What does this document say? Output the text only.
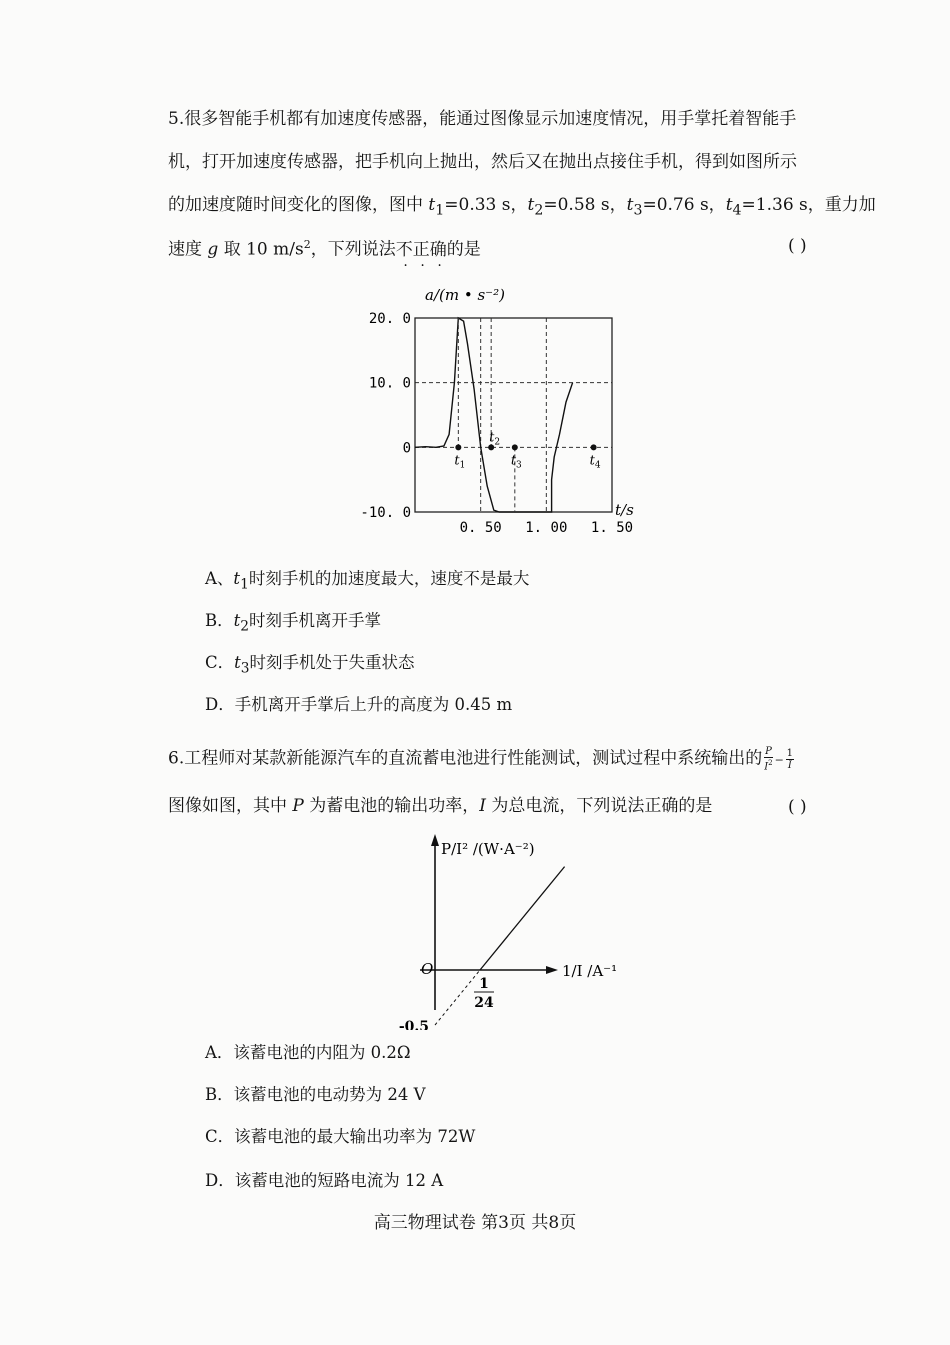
5.很多智能手机都有加速度传感器，能通过图像显示加速度情况，用手掌托着智能手
机，打开加速度传感器，把手机向上抛出，然后又在抛出点接住手机，得到如图所示
的加速度随时间变化的图像，图中 $t_1=0.33$ s，$t_2=0.58$ s，$t_3=0.76$ s，$t_4=1.36$ s，重力加
速度 g 取 10 $m/s^2$，下列说法不正确的是	( )
20. 0
10. 0
0
-10. 0
0. 50 1. 00 1. 50
$t_1$
$t_2$
$t_3$	$t_4$
a/(m • s⁻²)
t/s
A、$t_1$时刻手机的加速度最大，速度不是最大
B．$t_2$时刻手机离开手掌
C．$t_3$时刻手机处于失重状态
D．手机离开手掌后上升的高度为 0.45 m
6.工程师对某款新能源汽车的直流蓄电池进行性能测试，测试过程中系统输出的 $\frac{P}{I^2} - \frac{1}{I}$
图像如图，其中 P 为蓄电池的输出功率，I 为总电流，下列说法正确的是	( )
O
-0.5
1
24
P/I² /(W·A⁻²)
1/I /A⁻¹
A．该蓄电池的内阻为 0.2Ω
B．该蓄电池的电动势为 24 V
C．该蓄电池的最大输出功率为 72W
D．该蓄电池的短路电流为 12 A
高三物理试卷 第3页 共8页
